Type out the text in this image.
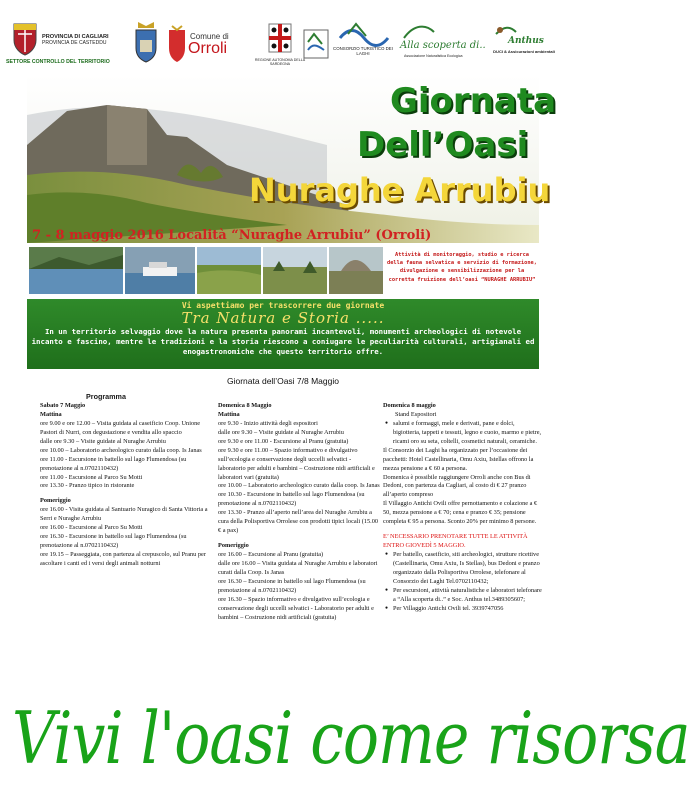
PROVINCIA DI CAGLIARI
PROVINCIA DE CASTEDDU
SETTORE CONTROLLO DEL TERRITORIO
Comune di
Orroli
REGIONE AUTONOMA DELLA SARDEGNA
CONSORZIO TURISTICO DEI LAGHI
Alla scoperta di..
Associazione Naturalistica Ecologica
Anthus
DUCI & Assicurazioni ambientali
Giornata
Dell’Oasi
Nuraghe Arrubiu
7 - 8 maggio 2016 Località “Nuraghe Arrubiu” (Orroli)
Attività di monitoraggio, studio e ricerca della fauna selvatica e servizio di formazione, divulgazione e sensibilizzazione per la corretta fruizione dell’oasi “NURAGHE ARRUBIU”
Vi aspettiamo per trascorrere due giornate
Tra Natura e Storia .....
In un territorio selvaggio dove la natura presenta panorami incantevoli, monumenti archeologici di notevole incanto e fascino, mentre le tradizioni e la storia riescono a coniugare le peculiarità culturali, artigianali ed enogastronomiche che questo territorio offre.
Giornata dell’Oasi 7/8 Maggio
Programma
Sabato 7 Maggio
Mattina
ore 9.00 e ore 12.00 – Visita guidata al caseificio Coop. Unione Pastori di Nurri, con degustazione e vendita allo spaccio
dalle ore 9.30 – Visite guidate al Nuraghe Arrubiu
ore 10.00 – Laboratorio archeologico curato dalla coop. Is Janas
ore 11.00 - Escursione in battello sul lago Flumendosa (su prenotazione al n.0702110432)
ore 11.00 - Escursione al Parco Su Motti
ore 13.30 - Pranzo tipico in ristorante
Pomeriggio
ore 16.00 - Visita guidata al Santuario Nuragico di Santa Vittoria a Serri e Nuraghe Arrubiu
ore 16.00 - Escursione al Parco Su Motti
ore 16.30 - Escursione in battello sul lago Flumendosa (su prenotazione al n.0702110432)
ore 19.15 – Passeggiata, con partenza al crepuscolo, sul Pranu per ascoltare i canti ed i versi degli animali notturni
Domenica 8 Maggio
Mattina
ore 9.30 - Inizio attività degli espositori
dalle ore 9.30 – Visite guidate al Nuraghe Arrubiu
ore 9.30 e ore 11.00 - Escursione al Pranu (gratuita)
ore 9.30 e ore 11.00 – Spazio informativo e divulgativo sull’ecologia e conservazione degli uccelli selvatici - laboratorio per adulti e bambini – Costruzione nidi artificiali e laboratori vari (gratuita)
ore 10.00 – Laboratorio archeologico curato dalla coop. Is Janas
ore 10.30 - Escursione in battello sul lago Flumendosa (su prenotazione al n.0702110432)
ore 13.30 - Pranzo all’aperto nell’area del Nuraghe Arrubiu a cura della Polisportiva Orrolese con prodotti tipici locali (15.00 € a pax)
Pomeriggio
ore 16.00 – Escursione al Pranu (gratuita)
dalle ore 16.00 – Visita guidata al Nuraghe Arrubiu e laboratori curati dalla Coop. Is Janas
ore 16.30 – Escursione in battello sul lago Flumendosa (su prenotazione al n.0702110432)
ore 16.30 – Spazio informativo e divulgativo sull’ecologia e conservazione degli uccelli selvatici - Laboratorio per adulti e bambini – Costruzione nidi artificiali (gratuita)
Domenica 8 maggio
Stand Espositori
● salumi e formaggi, mele e derivati, pane e dolci, bigiotteria, tappeti e tessuti, legno e cuoio, marmo e pietre, ricami oro su seta, coltelli, cosmetici naturali, ceramiche.
Il Consorzio dei Laghi ha organizzato per l’occasione dei pacchetti: Hotel Castellinaria, Omu Axiu, Istellas offrono la mezza pensione a € 60 a persona.
Domenica è possibile raggiungere Orroli anche con Bus di Dedoni, con partenza da Cagliari, al costo di € 27 pranzo all’aperto compreso
Il Villaggio Antichi Ovili offre pernottamento e colazione a € 50, mezza pensione a € 70; cena e pranzo € 35; pensione completa € 95 a persona. Sconto 20% per minimo 8 persone.
E’ NECESSARIO PRENOTARE TUTTE LE ATTIVITÀ ENTRO GIOVEDÌ 5 MAGGIO.
● Per battello, caseificio, siti archeologici, strutture ricettive (Castellinaria, Omu Axiu, Is Stellas), bus Dedoni e pranzo organizzato dalla Polisportiva Orrolese, telefonare al Consorzio dei Laghi Tel.0702110432;
● Per escursioni, attività naturalistiche e laboratori telefonare a “Alla scoperta di..” e Soc. Anthus tel.3489305607;
● Per Villaggio Antichi Ovili tel. 3939747056
Vivi l'oasi come risorsa
